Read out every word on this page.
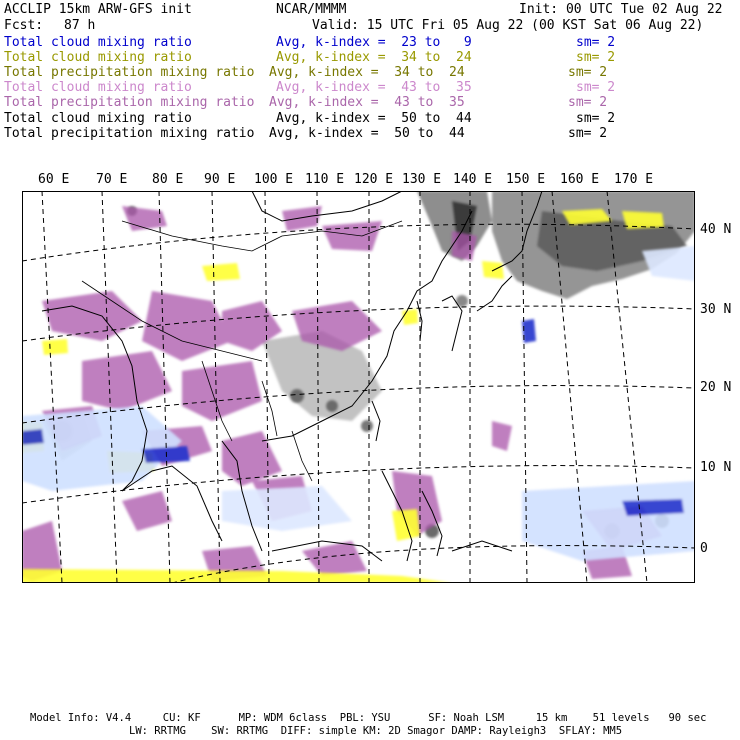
ACCLIP 15km ARW-GFS init	NCAR/MMMM	Init: 00 UTC Tue 02 Aug 22
Fcst: 87 h	Valid: 15 UTC Fri 05 Aug 22 (00 KST Sat 06 Aug 22)
Total cloud mixing ratio	Avg, k-index =  23 to   9	sm= 2
Total cloud mixing ratio	Avg, k-index =  34 to  24	sm= 2
Total precipitation mixing ratio Avg, k-index =  34 to  24	sm= 2
Total cloud mixing ratio	Avg, k-index =  43 to  35	sm= 2
Total precipitation mixing ratio Avg, k-index =  43 to  35	sm= 2
Total cloud mixing ratio	Avg, k-index =  50 to  44	sm= 2
Total precipitation mixing ratio Avg, k-index =  50 to  44	sm= 2
60 E 70 E 80 E 90 E 100 E 110 E 120 E 130 E 140 E 150 E 160 E 170 E
40 N
30 N
20 N
10 N
0
Model Info: V4.4     CU: KF      MP: WDM 6class  PBL: YSU      SF: Noah LSM     15 km    51 levels   90 sec
LW: RRTMG    SW: RRTMG  DIFF: simple KM: 2D Smagor DAMP: Rayleigh3  SFLAY: MM5
